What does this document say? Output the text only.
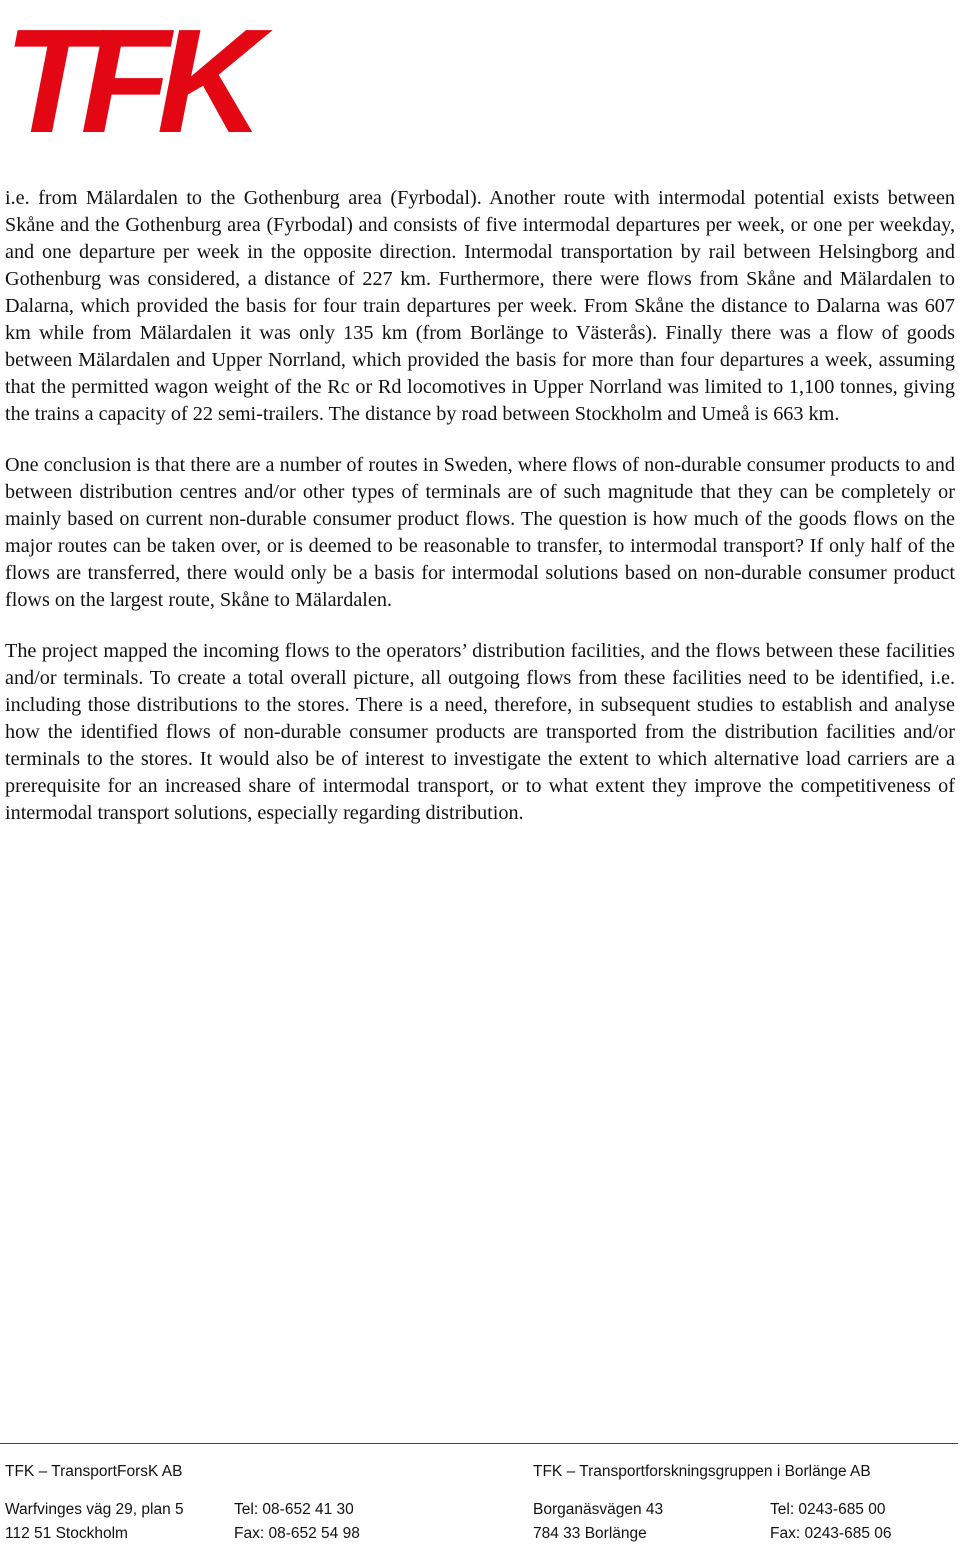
TFK

i.e. from Mälardalen to the Gothenburg area (Fyrbodal). Another route with intermodal potential exists between Skåne and the Gothenburg area (Fyrbodal) and consists of five intermodal departures per week, or one per weekday, and one departure per week in the opposite direction. Intermodal transportation by rail between Helsingborg and Gothenburg was considered, a distance of 227 km. Furthermore, there were flows from Skåne and Mälardalen to Dalarna, which provided the basis for four train departures per week. From Skåne the distance to Dalarna was 607 km while from Mälardalen it was only 135 km (from Borlänge to Västerås). Finally there was a flow of goods between Mälardalen and Upper Norrland, which provided the basis for more than four departures a week, assuming that the permitted wagon weight of the Rc or Rd locomotives in Upper Norrland was limited to 1,100 tonnes, giving the trains a capacity of 22 semi-trailers. The distance by road between Stockholm and Umeå is 663 km.

One conclusion is that there are a number of routes in Sweden, where flows of non-durable consumer products to and between distribution centres and/or other types of terminals are of such magnitude that they can be completely or mainly based on current non-durable consumer product flows. The question is how much of the goods flows on the major routes can be taken over, or is deemed to be reasonable to transfer, to intermodal transport? If only half of the flows are transferred, there would only be a basis for intermodal solutions based on non-durable consumer product flows on the largest route, Skåne to Mälardalen.

The project mapped the incoming flows to the operators’ distribution facilities, and the flows between these facilities and/or terminals. To create a total overall picture, all outgoing flows from these facilities need to be identified, i.e. including those distributions to the stores. There is a need, therefore, in subsequent studies to establish and analyse how the identified flows of non-durable consumer products are transported from the distribution facilities and/or terminals to the stores. It would also be of interest to investigate the extent to which alternative load carriers are a prerequisite for an increased share of intermodal transport, or to what extent they improve the competitiveness of intermodal transport solutions, especially regarding distribution.

TFK – TransportForsK AB	TFK – Transportforskningsgruppen i Borlänge AB
Warfvinges väg 29, plan 5	Tel: 08-652 41 30	Borganäsvägen 43	Tel: 0243-685 00
112 51 Stockholm	Fax: 08-652 54 98	784 33 Borlänge	Fax: 0243-685 06
